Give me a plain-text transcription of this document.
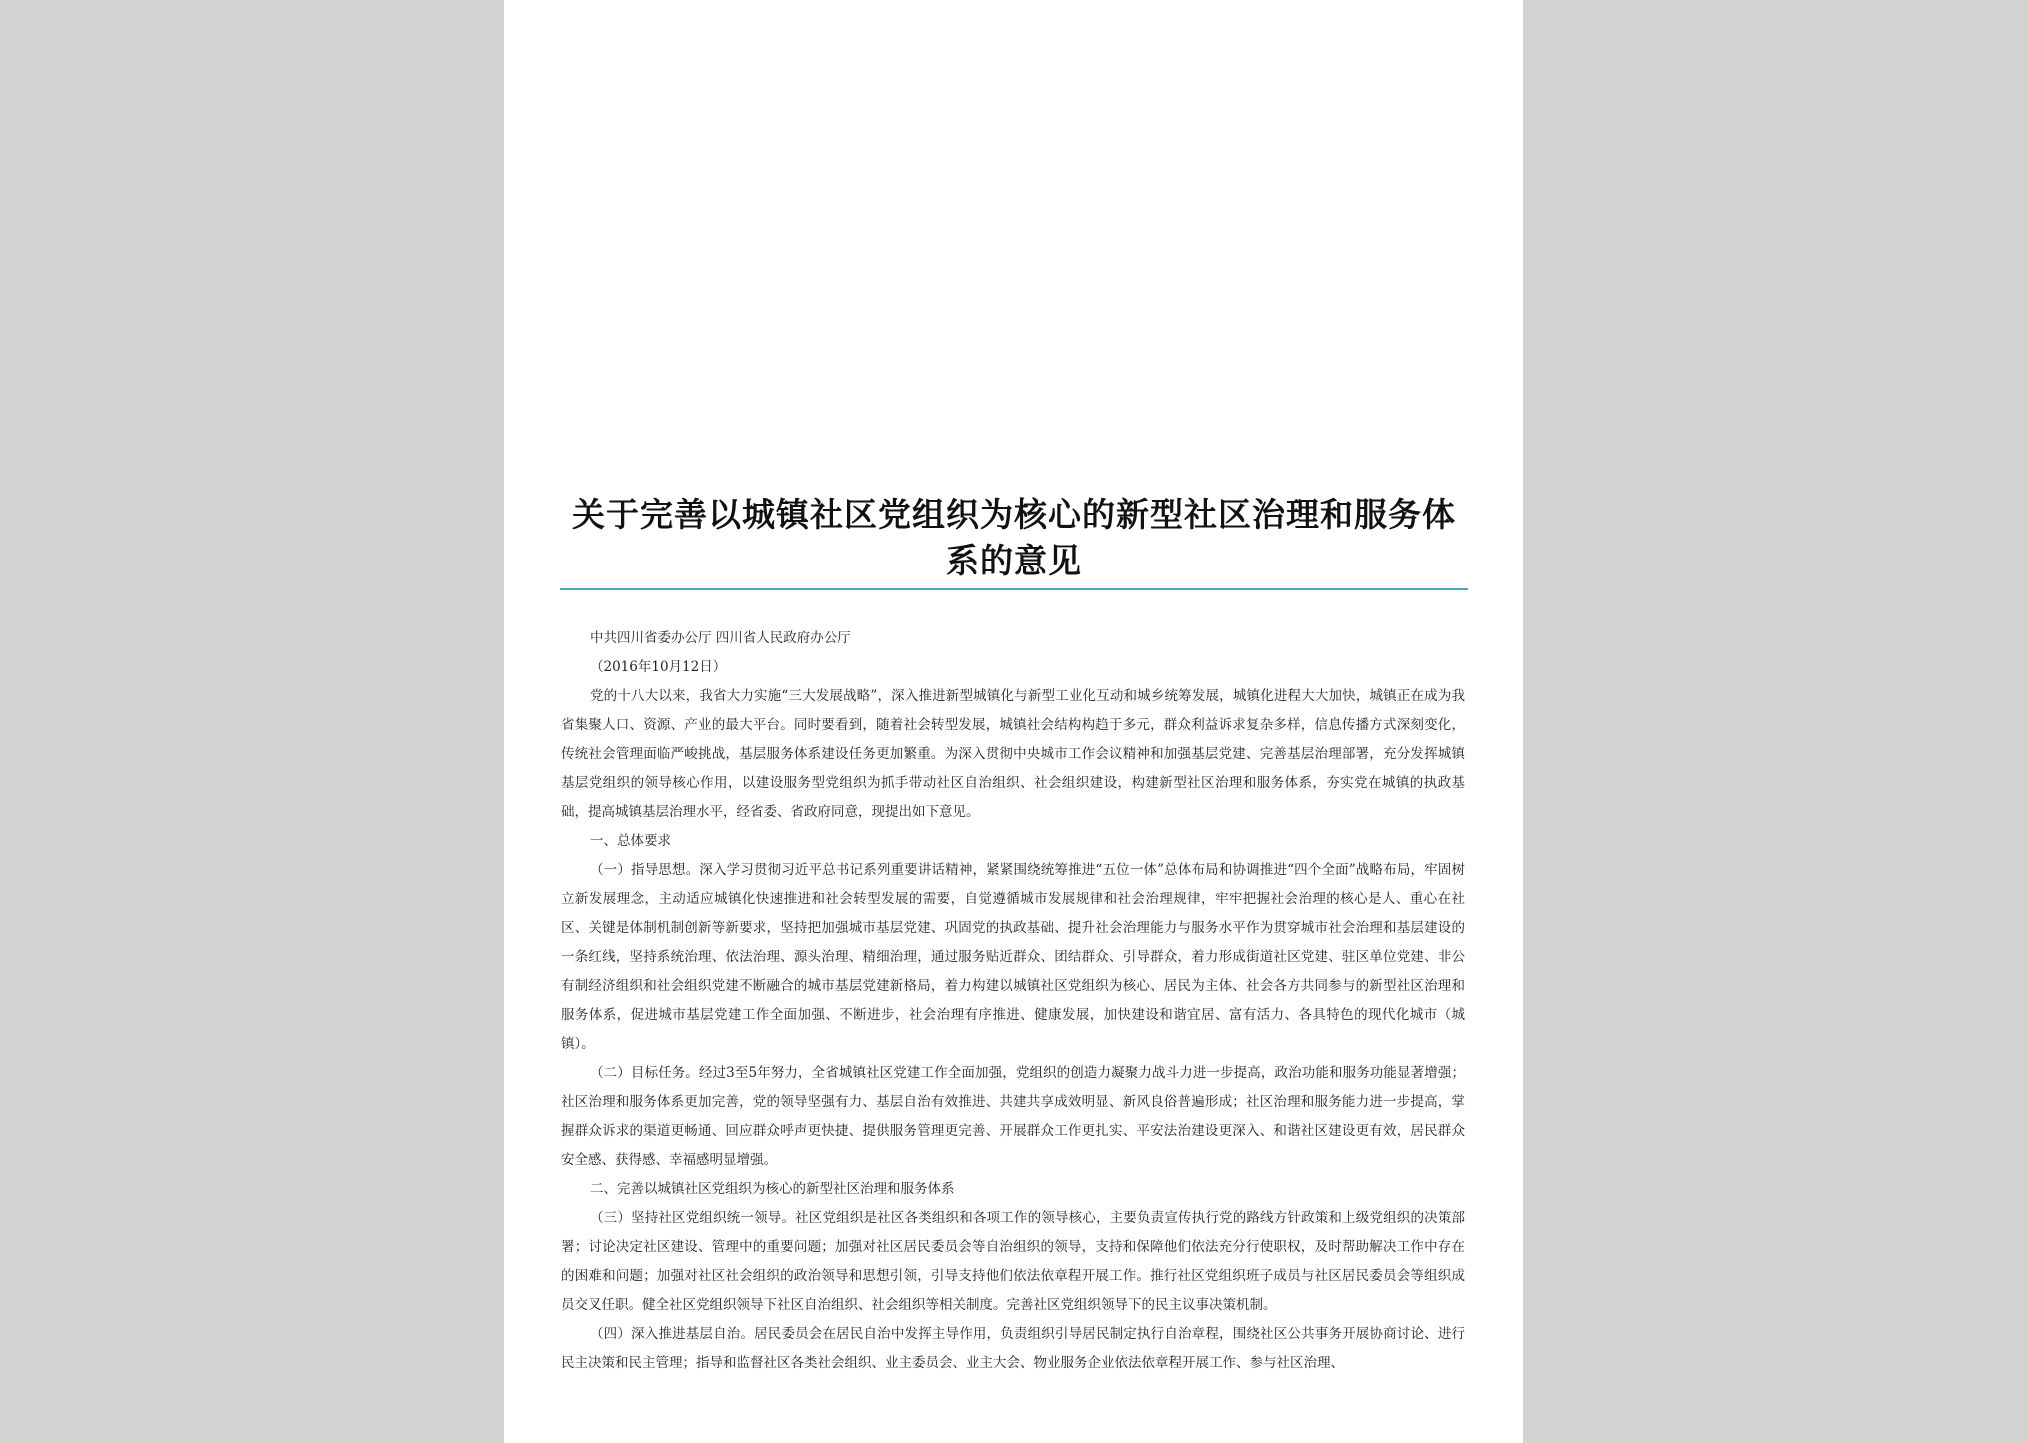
关于完善以城镇社区党组织为核心的新型社区治理和服务体系的意见

中共四川省委办公厅 四川省人民政府办公厅

（2016年10月12日）

党的十八大以来，我省大力实施“三大发展战略”，深入推进新型城镇化与新型工业化互动和城乡统筹发展，城镇化进程大大加快，城镇正在成为我省集聚人口、资源、产业的最大平台。同时要看到，随着社会转型发展，城镇社会结构构趋于多元，群众利益诉求复杂多样，信息传播方式深刻变化，传统社会管理面临严峻挑战，基层服务体系建设任务更加繁重。为深入贯彻中央城市工作会议精神和加强基层党建、完善基层治理部署，充分发挥城镇基层党组织的领导核心作用，以建设服务型党组织为抓手带动社区自治组织、社会组织建设，构建新型社区治理和服务体系，夯实党在城镇的执政基础，提高城镇基层治理水平，经省委、省政府同意，现提出如下意见。

一、总体要求

（一）指导思想。深入学习贯彻习近平总书记系列重要讲话精神，紧紧围绕统筹推进“五位一体”总体布局和协调推进“四个全面”战略布局，牢固树立新发展理念，主动适应城镇化快速推进和社会转型发展的需要，自觉遵循城市发展规律和社会治理规律，牢牢把握社会治理的核心是人、重心在社区、关键是体制机制创新等新要求，坚持把加强城市基层党建、巩固党的执政基础、提升社会治理能力与服务水平作为贯穿城市社会治理和基层建设的一条红线，坚持系统治理、依法治理、源头治理、精细治理，通过服务贴近群众、团结群众、引导群众，着力形成街道社区党建、驻区单位党建、非公有制经济组织和社会组织党建不断融合的城市基层党建新格局，着力构建以城镇社区党组织为核心、居民为主体、社会各方共同参与的新型社区治理和服务体系，促进城市基层党建工作全面加强、不断进步，社会治理有序推进、健康发展，加快建设和谐宜居、富有活力、各具特色的现代化城市（城镇）。

（二）目标任务。经过3至5年努力，全省城镇社区党建工作全面加强，党组织的创造力凝聚力战斗力进一步提高，政治功能和服务功能显著增强；社区治理和服务体系更加完善，党的领导坚强有力、基层自治有效推进、共建共享成效明显、新风良俗普遍形成；社区治理和服务能力进一步提高，掌握群众诉求的渠道更畅通、回应群众呼声更快捷、提供服务管理更完善、开展群众工作更扎实、平安法治建设更深入、和谐社区建设更有效，居民群众安全感、获得感、幸福感明显增强。

二、完善以城镇社区党组织为核心的新型社区治理和服务体系

（三）坚持社区党组织统一领导。社区党组织是社区各类组织和各项工作的领导核心，主要负责宣传执行党的路线方针政策和上级党组织的决策部署；讨论决定社区建设、管理中的重要问题；加强对社区居民委员会等自治组织的领导，支持和保障他们依法充分行使职权，及时帮助解决工作中存在的困难和问题；加强对社区社会组织的政治领导和思想引领，引导支持他们依法依章程开展工作。推行社区党组织班子成员与社区居民委员会等组织成员交叉任职。健全社区党组织领导下社区自治组织、社会组织等相关制度。完善社区党组织领导下的民主议事决策机制。

（四）深入推进基层自治。居民委员会在居民自治中发挥主导作用，负责组织引导居民制定执行自治章程，围绕社区公共事务开展协商讨论、进行民主决策和民主管理；指导和监督社区各类社会组织、业主委员会、业主大会、物业服务企业依法依章程开展工作、参与社区治理、
